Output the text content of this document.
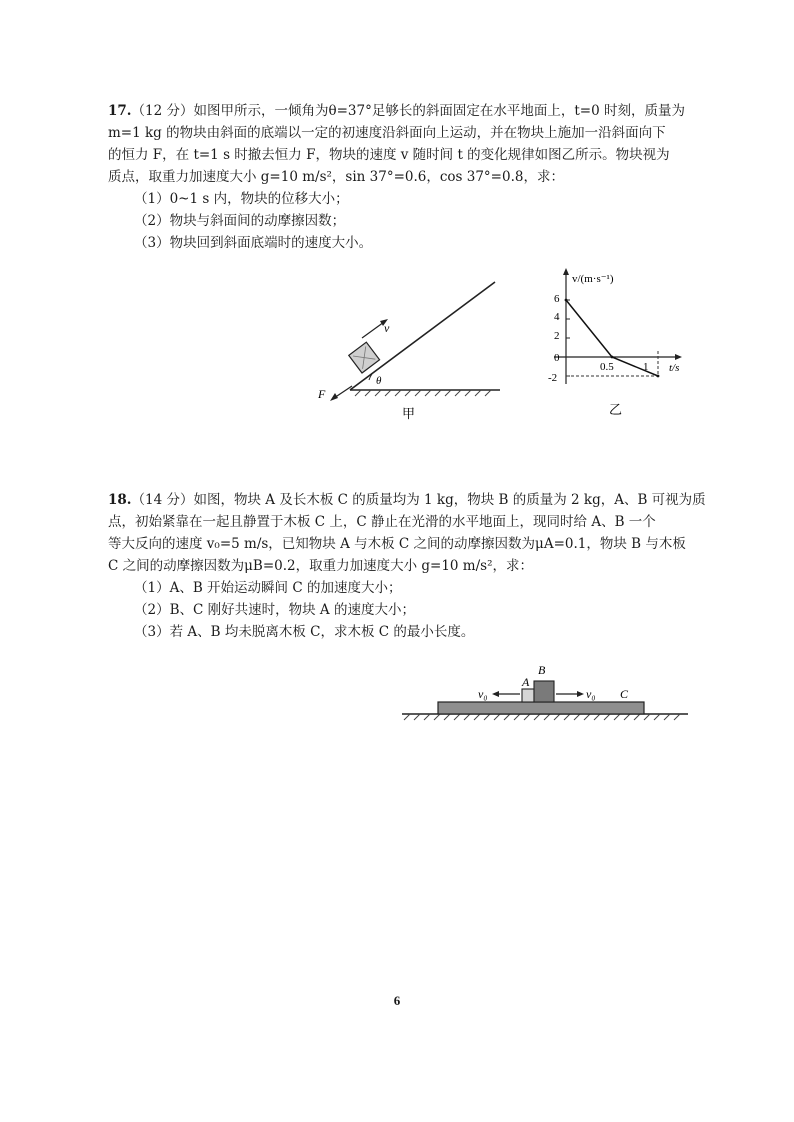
17.（12 分）如图甲所示，一倾角为θ=37°足够长的斜面固定在水平地面上，t=0 时刻，质量为
m=1 kg 的物块由斜面的底端以一定的初速度沿斜面向上运动，并在物块上施加一沿斜面向下
的恒力 F，在 t=1 s 时撤去恒力 F，物块的速度 v 随时间 t 的变化规律如图乙所示。物块视为
质点，取重力加速度大小 g=10 m/s²，sin 37°=0.6，cos 37°=0.8，求：
（1）0~1 s 内，物块的位移大小；
（2）物块与斜面间的动摩擦因数；
（3）物块回到斜面底端时的速度大小。
v
F
θ
甲
v/(m·s⁻¹)
t/s
6
4
2
0
-2
0.5	1
乙
18.（14 分）如图，物块 A 及长木板 C 的质量均为 1 kg，物块 B 的质量为 2 kg，A、B 可视为质
点，初始紧靠在一起且静置于木板 C 上，C 静止在光滑的水平地面上，现同时给 A、B 一个
等大反向的速度 v₀=5 m/s，已知物块 A 与木板 C 之间的动摩擦因数为μA=0.1，物块 B 与木板
C 之间的动摩擦因数为μB=0.2，取重力加速度大小 g=10 m/s²，求：
（1）A、B 开始运动瞬间 C 的加速度大小；
（2）B、C 刚好共速时，物块 A 的速度大小；
（3）若 A、B 均未脱离木板 C，求木板 C 的最小长度。
A
B
C
v₀	v₀
6
